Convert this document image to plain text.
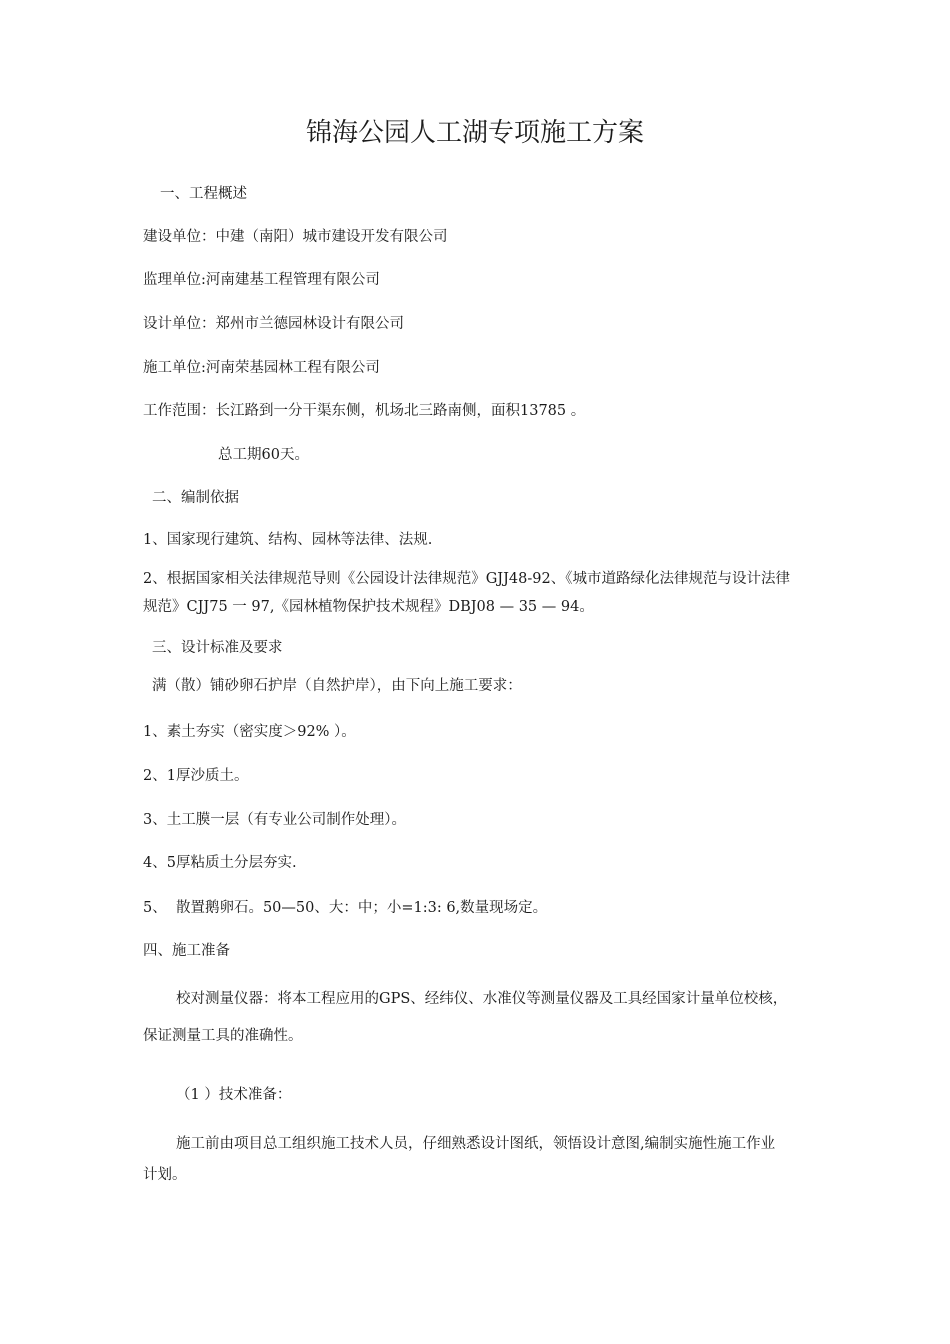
锦海公园人工湖专项施工方案
一、工程概述
建设单位：中建（南阳）城市建设开发有限公司
监理单位:河南建基工程管理有限公司
设计单位：郑州市兰德园林设计有限公司
施工单位:河南荣基园林工程有限公司
工作范围：长江路到一分干渠东侧，机场北三路南侧，面积13785 。
总工期60天。
二、编制依据
1、国家现行建筑、结构、园林等法律、法规.
2、根据国家相关法律规范导则《公园设计法律规范》GJJ48-92、《城市道路绿化法律规范与设计法律
规范》CJJ75 一 97,《园林植物保护技术规程》DBJ08 — 35 — 94。
三、设计标准及要求
满（散）铺砂卵石护岸（自然护岸），由下向上施工要求：
1、素土夯实（密实度＞92% ）。
2、1厚沙质土。
3、土工膜一层（有专业公司制作处理）。
4、5厚粘质土分层夯实.
5、  散置鹅卵石。50—50、大：中；小=1:3: 6,数量现场定。
四、施工准备
校对测量仪器：将本工程应用的GPS、经纬仪、水准仪等测量仪器及工具经国家计量单位校核，
保证测量工具的准确性。
（1 ）技术准备：
施工前由项目总工组织施工技术人员，仔细熟悉设计图纸，领悟设计意图,编制实施性施工作业
计划。
